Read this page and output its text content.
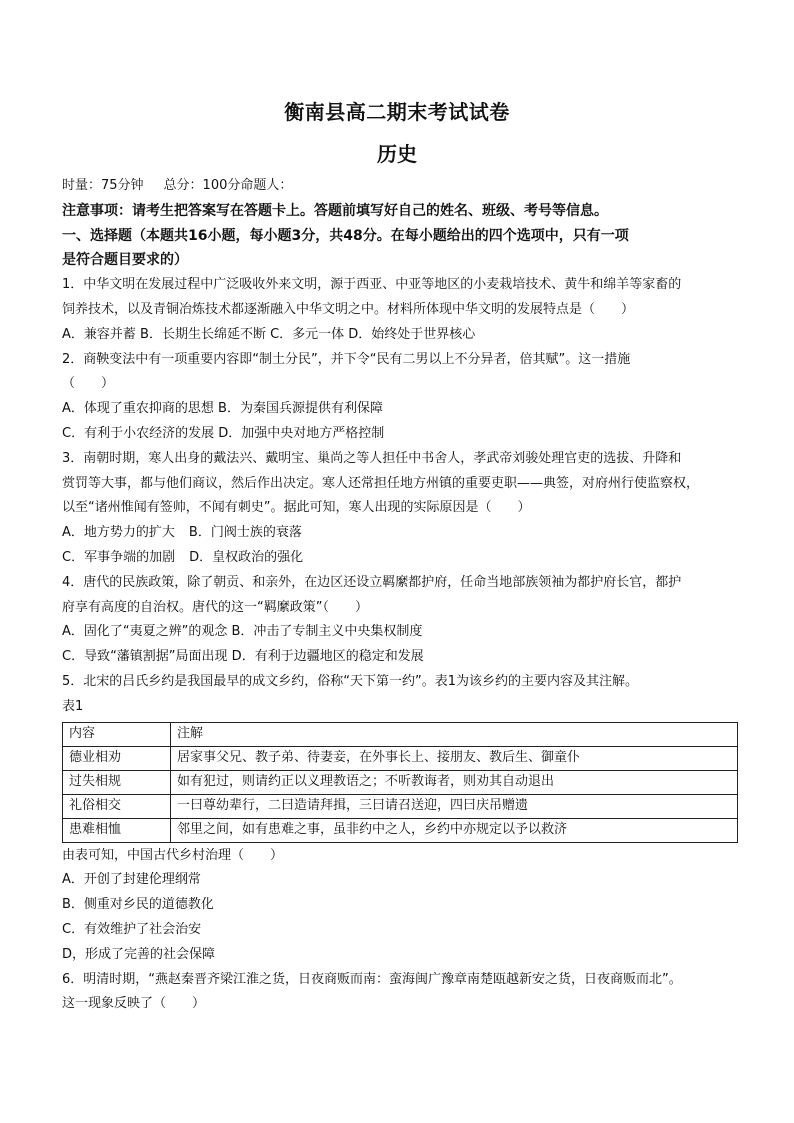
衡南县高二期末考试试卷
历史
时量：75分钟 总分：100分命题人：
注意事项：请考生把答案写在答题卡上。答题前填写好自己的姓名、班级、考号等信息。
一、选择题（本题共16小题，每小题3分，共48分。在每小题给出的四个选项中，只有一项
是符合题目要求的）
1．中华文明在发展过程中广泛吸收外来文明，源于西亚、中亚等地区的小麦栽培技术、黄牛和绵羊等家畜的
饲养技术，以及青铜冶炼技术都逐渐融入中华文明之中。材料所体现中华文明的发展特点是（　　）
A．兼容并蓄 B．长期生长绵延不断 C．多元一体 D．始终处于世界核心
2．商鞅变法中有一项重要内容即“制土分民”，并下令“民有二男以上不分异者，倍其赋”。这一措施
（　　）
A．体现了重农抑商的思想 B．为秦国兵源提供有利保障
C．有利于小农经济的发展 D．加强中央对地方严格控制
3．南朝时期，寒人出身的戴法兴、戴明宝、巢尚之等人担任中书舍人，孝武帝刘骏处理官吏的选拔、升降和
赏罚等大事，都与他们商议，然后作出决定。寒人还常担任地方州镇的重要吏职——典签，对府州行使监察权，
以至“诸州惟闻有签帅，不闻有刺史”。据此可知，寒人出现的实际原因是（　　）
A．地方势力的扩大 B．门阀士族的衰落
C．军事争端的加剧 D．皇权政治的强化
4．唐代的民族政策，除了朝贡、和亲外，在边区还设立羁縻都护府，任命当地部族领袖为都护府长官，都护
府享有高度的自治权。唐代的这一“羁縻政策”（　　）
A．固化了“夷夏之辨”的观念 B．冲击了专制主义中央集权制度
C．导致“藩镇割据”局面出现 D．有利于边疆地区的稳定和发展
5．北宋的吕氏乡约是我国最早的成文乡约，俗称“天下第一约”。表1为该乡约的主要内容及其注解。
表1
内容	注解
德业相劝	居家事父兄、教子弟、待妻妾，在外事长上、接朋友、教后生、御童仆
过失相规	如有犯过，则请约正以义理教语之；不听教诲者，则劝其自动退出
礼俗相交	一曰尊幼辈行，二曰造请拜揖，三曰请召送迎，四曰庆吊赠遗
患难相恤	邻里之间，如有患难之事，虽非约中之人，乡约中亦规定以予以救济
由表可知，中国古代乡村治理（　　）
A．开创了封建伦理纲常
B．侧重对乡民的道德教化
C．有效维护了社会治安
D，形成了完善的社会保障
6．明清时期，“燕赵秦晋齐梁江淮之货，日夜商贩而南：蛮海闽广豫章南楚瓯越新安之货，日夜商贩而北”。
这一现象反映了（　　）
